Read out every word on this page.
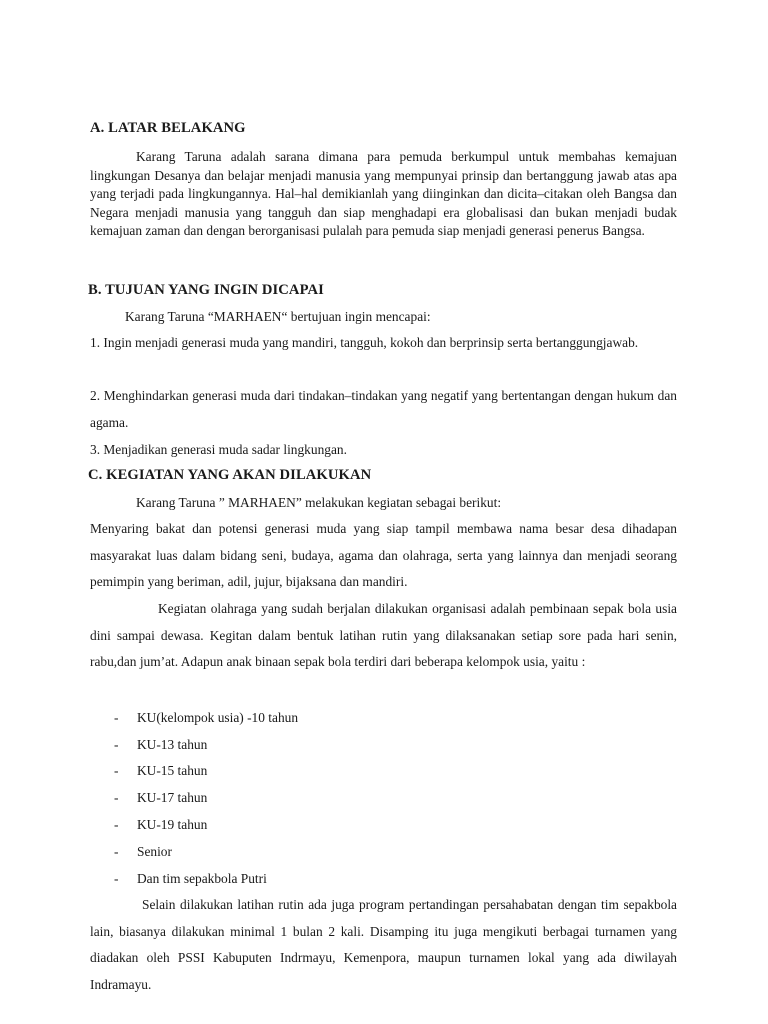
A. LATAR BELAKANG
Karang Taruna adalah sarana dimana para pemuda berkumpul untuk membahas kemajuan lingkungan Desanya dan belajar menjadi manusia yang mempunyai prinsip dan bertanggung jawab atas apa yang terjadi pada lingkungannya. Hal–hal demikianlah yang diinginkan dan dicita–citakan oleh Bangsa dan Negara menjadi manusia yang tangguh dan siap menghadapi era globalisasi dan bukan menjadi budak kemajuan zaman dan dengan berorganisasi pulalah para pemuda siap menjadi generasi penerus Bangsa.
B. TUJUAN YANG INGIN DICAPAI
Karang Taruna “MARHAEN“ bertujuan ingin mencapai:
1. Ingin menjadi generasi muda yang mandiri, tangguh, kokoh dan berprinsip serta bertanggungjawab.
2. Menghindarkan generasi muda dari tindakan–tindakan yang negatif yang bertentangan dengan hukum dan agama.
3. Menjadikan generasi muda sadar lingkungan.
C. KEGIATAN YANG AKAN DILAKUKAN
Karang Taruna ” MARHAEN” melakukan kegiatan sebagai berikut:
Menyaring bakat dan potensi generasi muda yang siap tampil membawa nama besar desa dihadapan masyarakat luas dalam bidang seni, budaya, agama dan olahraga, serta yang lainnya dan menjadi seorang pemimpin yang beriman, adil, jujur, bijaksana dan mandiri.
Kegiatan olahraga yang sudah berjalan dilakukan organisasi adalah pembinaan sepak bola usia dini sampai dewasa. Kegitan dalam bentuk latihan rutin yang dilaksanakan setiap sore pada hari senin, rabu,dan jum’at. Adapun anak binaan sepak bola terdiri dari beberapa kelompok usia, yaitu :
- KU(kelompok usia) -10 tahun
- KU-13 tahun
- KU-15 tahun
- KU-17 tahun
- KU-19 tahun
- Senior
- Dan tim sepakbola Putri
Selain dilakukan latihan rutin ada juga program pertandingan persahabatan dengan tim sepakbola lain, biasanya dilakukan minimal 1 bulan 2 kali. Disamping itu juga mengikuti berbagai turnamen yang diadakan oleh PSSI Kabuputen Indrmayu, Kemenpora, maupun turnamen lokal yang ada diwilayah Indramayu.
